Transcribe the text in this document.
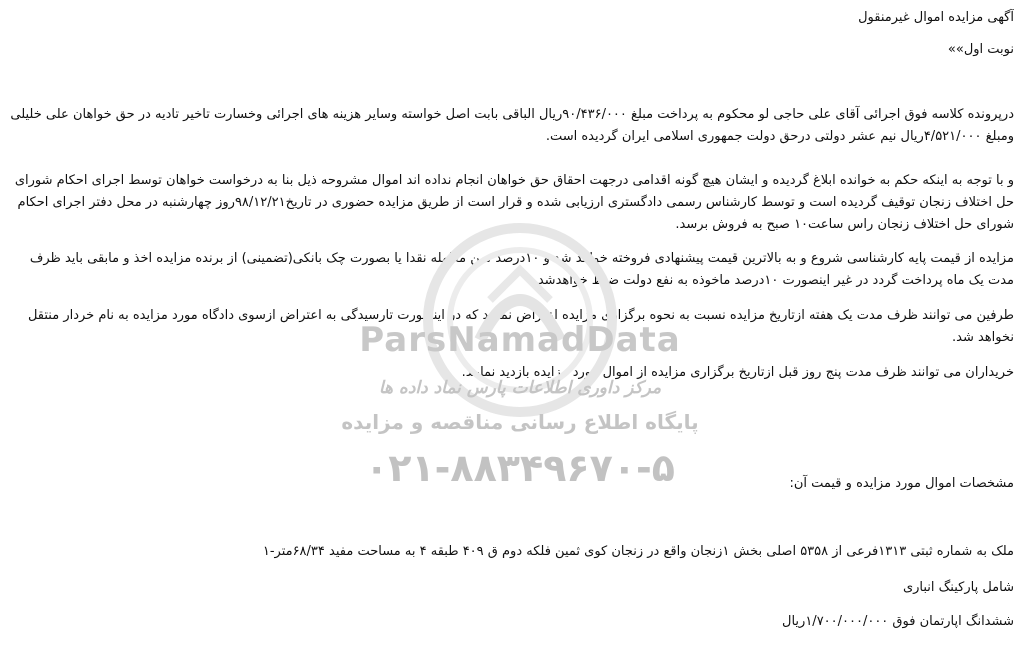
آگهی مزایده اموال غیرمنقول
نوبت اول»»
درپرونده کلاسه فوق اجرائی آقای علی حاجی لو محکوم به پرداخت مبلغ ۹۰/۴۳۶/۰۰۰ریال الباقی بابت اصل خواسته وسایر هزینه های اجرائی وخسارت تاخیر تادیه در حق خواهان علی خلیلی ومبلغ ۴/۵۲۱/۰۰۰ریال نیم عشر دولتی درحق دولت جمهوری اسلامی ایران گردیده است.
و با توجه به اینکه حکم به خوانده ابلاغ گردیده و ایشان هیچ گونه اقدامی درجهت احقاق حق خواهان انجام نداده اند اموال مشروحه ذیل بنا به درخواست خواهان توسط اجرای احکام شورای حل اختلاف زنجان توقیف گردیده است و توسط کارشناس رسمی دادگستری ارزیابی شده و قرار است از طریق مزایده حضوری در تاریخ۹۸/۱۲/۲۱روز چهارشنبه در محل دفتر اجرای احکام شورای حل اختلاف زنجان راس ساعت۱۰ صبح به فروش برسد.
مزایده از قیمت پایه کارشناسی شروع و به بالاترین قیمت پیشنهادی فروخته خواهد شد و ۱۰درصد ثمن معامله نقدا یا بصورت چک بانکی(تضمینی) از برنده مزایده اخذ و مابقی باید ظرف مدت یک ماه پرداخت گردد در غیر اینصورت ۱۰درصد ماخوذه به نفع دولت ضبط خواهدشد.
طرفین می توانند ظرف مدت یک هفته ازتاریخ مزایده نسبت به نحوه برگزاری مزایده اعتراض نمایند که در اینصورت تارسیدگی به اعتراض ازسوی دادگاه مورد مزایده به نام خردار منتقل نخواهد شد.
خریداران می توانند ظرف مدت پنج روز قبل ازتاریخ برگزاری مزایده از اموال مورد مزایده بازدید نمایند.
مشخصات اموال مورد مزایده و قیمت آن:
ملک به شماره ثبتی ۱۳۱۳فرعی از ۵۳۵۸ اصلی بخش ۱زنجان واقع در زنجان کوی ثمین فلکه دوم ق ۴۰۹ طبقه ۴ به مساحت مفید ۶۸/۳۴متر-۱
شامل پارکینگ انباری
ششدانگ اپارتمان فوق ۱/۷۰۰/۰۰۰/۰۰۰ریال
ParsNamadData
مرکز داوری اطلاعات پارس نماد داده ها
پایگاه اطلاع رسانی مناقصه و مزایده
۰۲۱-۸۸۳۴۹۶۷۰-۵
